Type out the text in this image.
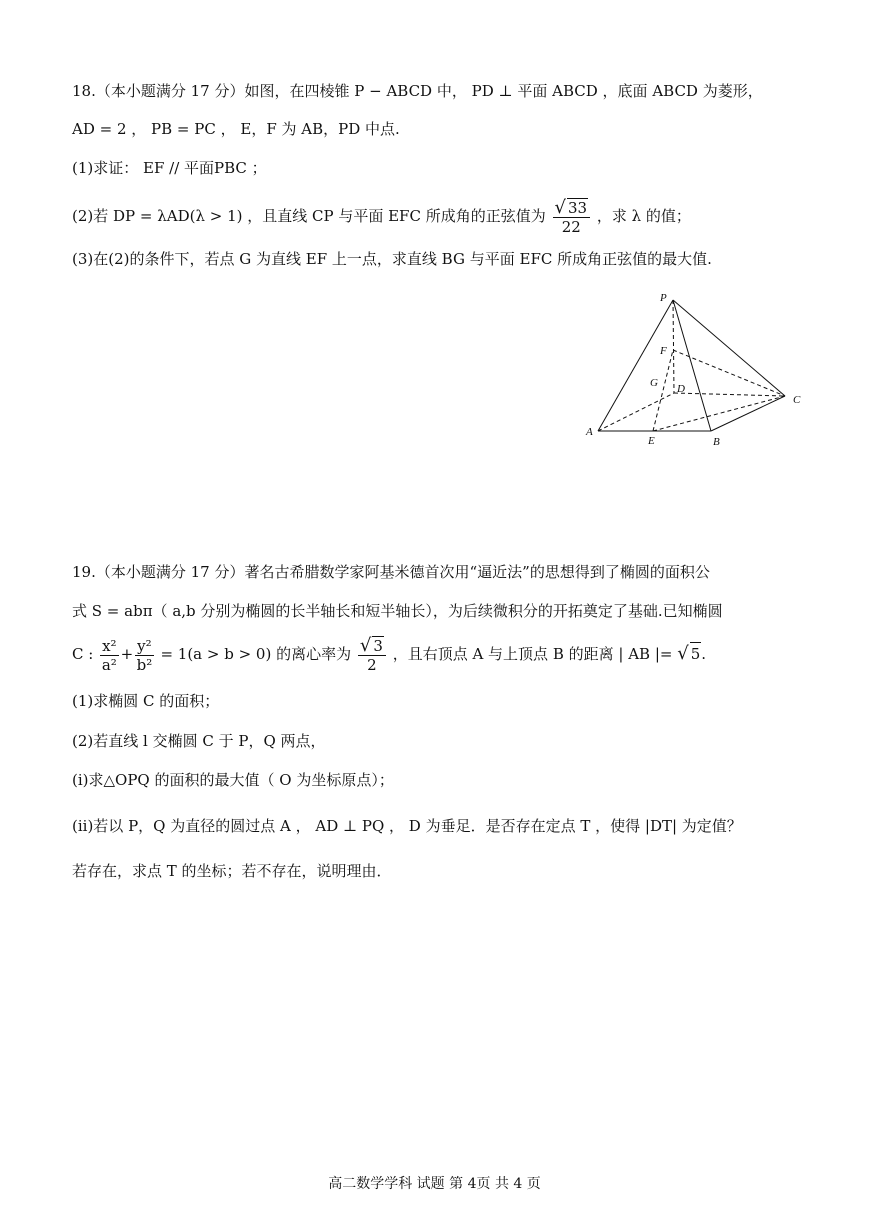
18.（本小题满分 17 分）如图，在四棱锥 P − ABCD 中， PD ⊥ 平面 ABCD ，底面 ABCD 为菱形，
AD = 2 ， PB = PC ， E，F 为 AB，PD 中点.
(1)求证： EF // 平面PBC ；
(2)若 DP = λAD(λ > 1) ，且直线 CP 与平面 EFC 所成角的正弦值为 $\frac{√ 33}{22}$ ，求 λ 的值；
(3)在(2)的条件下，若点 G 为直线 EF 上一点，求直线 BG 与平面 EFC 所成角正弦值的最大值.
P
F
G D
C
A
E	B
19.（本小题满分 17 分）著名古希腊数学家阿基米德首次用“逼近法”的思想得到了椭圆的面积公
式 S = abπ（ a,b 分别为椭圆的长半轴长和短半轴长），为后续微积分的开拓奠定了基础.已知椭圆
C : $\frac{\text{x²}}{\text{a²}} + \frac{\text{y²}}{\text{b²}} = 1(a > b > 0)$ 的离心率为 $\frac{√ 3}{2}$ ，且右顶点 A 与上顶点 B 的距离 | AB |= √ 5.
(1)求椭圆 C 的面积；
(2)若直线 l 交椭圆 C 于 P，Q 两点，
(i)求△OPQ 的面积的最大值（ O 为坐标原点）；
(ii)若以 P，Q 为直径的圆过点 A ， AD ⊥ PQ ， D 为垂足．是否存在定点 T ，使得 |DT| 为定值？
若存在，求点 T 的坐标；若不存在，说明理由．
高二数学学科 试题 第 4页 共 4 页
